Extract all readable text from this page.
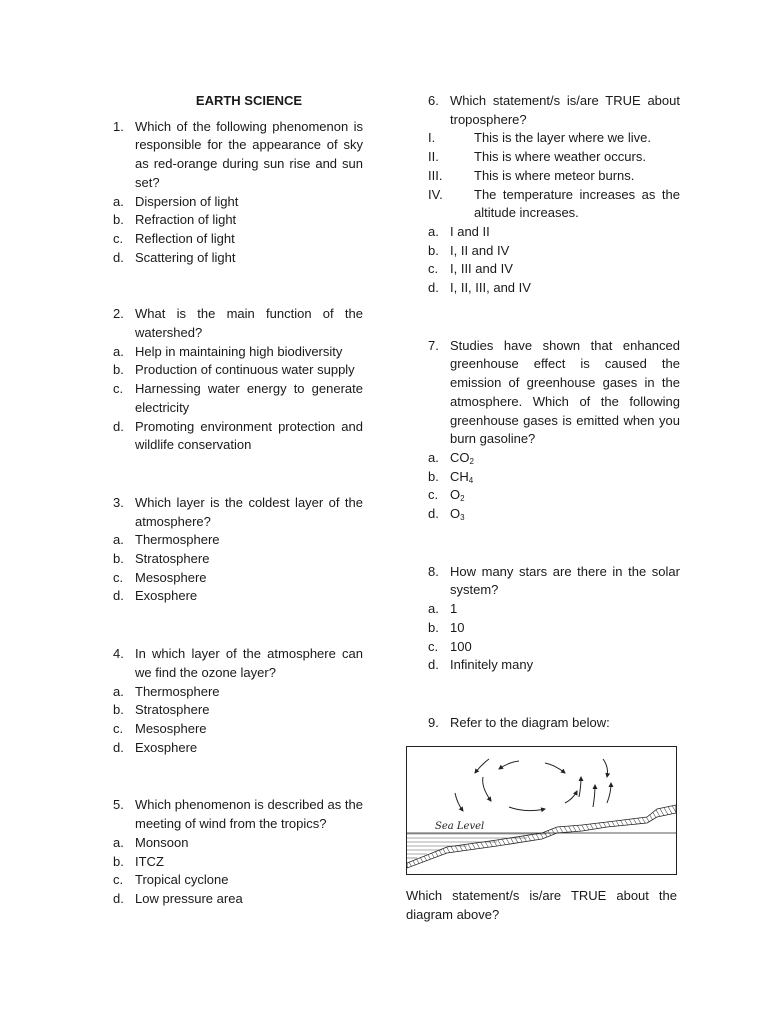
EARTH SCIENCE
1. Which of the following phenomenon is responsible for the appearance of sky as red-orange during sun rise and sun set?
a. Dispersion of light
b. Refraction of light
c. Reflection of light
d. Scattering of light
2. What is the main function of the watershed?
a. Help in maintaining high biodiversity
b. Production of continuous water supply
c. Harnessing water energy to generate electricity
d. Promoting environment protection and wildlife conservation
3. Which layer is the coldest layer of the atmosphere?
a. Thermosphere
b. Stratosphere
c. Mesosphere
d. Exosphere
4. In which layer of the atmosphere can we find the ozone layer?
a. Thermosphere
b. Stratosphere
c. Mesosphere
d. Exosphere
5. Which phenomenon is described as the meeting of wind from the tropics?
a. Monsoon
b. ITCZ
c. Tropical cyclone
d. Low pressure area
6. Which statement/s is/are TRUE about troposphere?
I.	This is the layer where we live.
II.	This is where weather occurs.
III.	This is where meteor burns.
IV.	The temperature increases as the altitude increases.
a. I and II
b. I, II and IV
c. I, III and IV
d. I, II, III, and IV
7. Studies have shown that enhanced greenhouse effect is caused the emission of greenhouse gases in the atmosphere. Which of the following greenhouse gases is emitted when you burn gasoline?
a. $CO_2$
b. $CH_4$
c. $O_2$
d. $O_3$
8. How many stars are there in the solar system?
a. 1
b. 10
c. 100
d. Infinitely many
9. Refer to the diagram below:
Sea Level
Which statement/s is/are TRUE about the diagram above?
